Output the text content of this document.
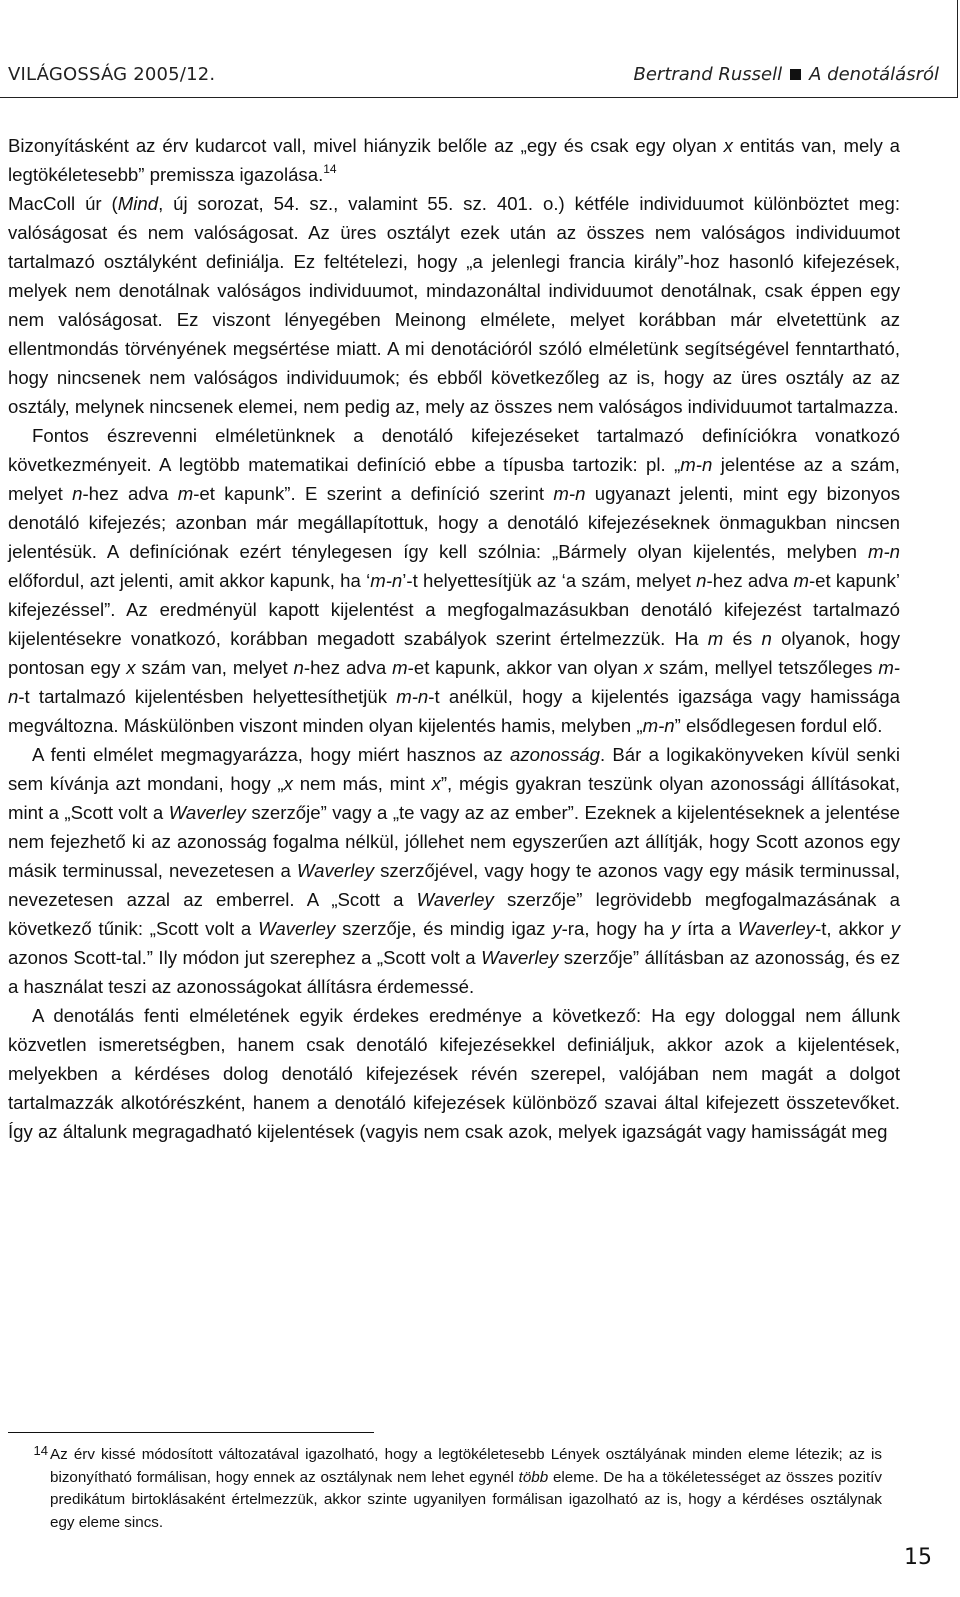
VILÁGOSSÁG 2005/12.	Bertrand Russell A denotálásról

Bizonyításként az érv kudarcot vall, mivel hiányzik belőle az „egy és csak egy olyan x entitás van, mely a legtökéletesebb” premissza igazolása.$^{14}$

MacColl úr (Mind, új sorozat, 54. sz., valamint 55. sz. 401. o.) kétféle individuumot különböztet meg: valóságosat és nem valóságosat. Az üres osztályt ezek után az összes nem valóságos individuumot tartalmazó osztályként definiálja. Ez feltételezi, hogy „a jelenlegi francia király”-hoz hasonló kifejezések, melyek nem denotálnak valóságos individuumot, mindazonáltal individuumot denotálnak, csak éppen egy nem valóságosat. Ez viszont lényegében Meinong elmélete, melyet korábban már elvetettünk az ellentmondás törvényének megsértése miatt. A mi denotációról szóló elméletünk segítségével fenntartható, hogy nincsenek nem valóságos individuumok; és ebből következőleg az is, hogy az üres osztály az az osztály, melynek nincsenek elemei, nem pedig az, mely az összes nem valóságos individuumot tartalmazza.

Fontos észrevenni elméletünknek a denotáló kifejezéseket tartalmazó definíciókra vonatkozó következményeit. A legtöbb matematikai definíció ebbe a típusba tartozik: pl. „m-n jelentése az a szám, melyet n-hez adva m-et kapunk”. E szerint a definíció szerint m-n ugyanazt jelenti, mint egy bizonyos denotáló kifejezés; azonban már megállapítottuk, hogy a denotáló kifejezéseknek önmagukban nincsen jelentésük. A definíciónak ezért ténylegesen így kell szólnia: „Bármely olyan kijelentés, melyben m-n előfordul, azt jelenti, amit akkor kapunk, ha ‘m-n’-t helyettesítjük az ‘a szám, melyet n-hez adva m-et kapunk’ kifejezéssel”. Az eredményül kapott kijelentést a megfogalmazásukban denotáló kifejezést tartalmazó kijelentésekre vonatkozó, korábban megadott szabályok szerint értelmezzük. Ha m és n olyanok, hogy pontosan egy x szám van, melyet n-hez adva m-et kapunk, akkor van olyan x szám, mellyel tetszőleges m-n-t tartalmazó kijelentésben helyettesíthetjük m-n-t anélkül, hogy a kijelentés igazsága vagy hamissága megváltozna. Máskülönben viszont minden olyan kijelentés hamis, melyben „m-n” elsődlegesen fordul elő.

A fenti elmélet megmagyarázza, hogy miért hasznos az azonosság. Bár a logikakönyveken kívül senki sem kívánja azt mondani, hogy „x nem más, mint x”, mégis gyakran teszünk olyan azonossági állításokat, mint a „Scott volt a Waverley szerzője” vagy a „te vagy az az ember”. Ezeknek a kijelentéseknek a jelentése nem fejezhető ki az azonosság fogalma nélkül, jóllehet nem egyszerűen azt állítják, hogy Scott azonos egy másik terminussal, nevezetesen a Waverley szerzőjével, vagy hogy te azonos vagy egy másik terminussal, nevezetesen azzal az emberrel. A „Scott a Waverley szerzője” legrövidebb megfogalmazásának a következő tűnik: „Scott volt a Waverley szerzője, és mindig igaz y-ra, hogy ha y írta a Waverley-t, akkor y azonos Scott-tal.” Ily módon jut szerephez a „Scott volt a Waverley szerzője” állításban az azonosság, és ez a használat teszi az azonosságokat állításra érdemessé.

A denotálás fenti elméletének egyik érdekes eredménye a következő: Ha egy dologgal nem állunk közvetlen ismeretségben, hanem csak denotáló kifejezésekkel definiáljuk, akkor azok a kijelentések, melyekben a kérdéses dolog denotáló kifejezések révén szerepel, valójában nem magát a dolgot tartalmazzák alkotórészként, hanem a denotáló kifejezések különböző szavai által kifejezett összetevőket. Így az általunk megragadható kijelentések (vagyis nem csak azok, melyek igazságát vagy hamisságát meg

14 Az érv kissé módosított változatával igazolható, hogy a legtökéletesebb Lények osztályának minden eleme létezik; az is bizonyítható formálisan, hogy ennek az osztálynak nem lehet egynél több eleme. De ha a tökéletességet az összes pozitív predikátum birtoklásaként értelmezzük, akkor szinte ugyanilyen formálisan igazolható az is, hogy a kérdéses osztálynak egy eleme sincs.
15
